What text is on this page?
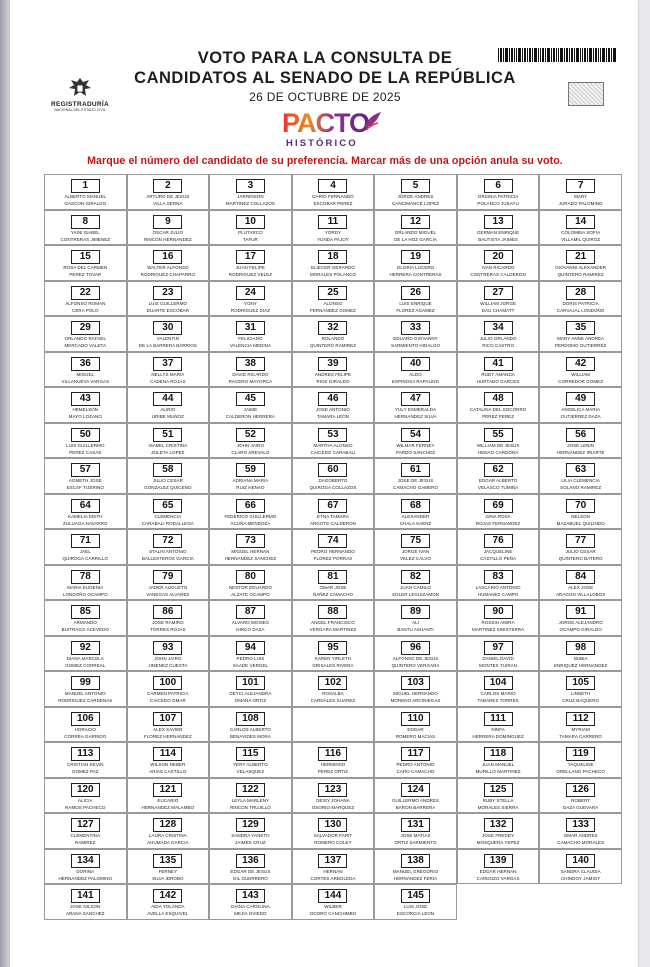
REGISTRADURÍA
NACIONAL DEL ESTADO CIVIL
VOTO PARA LA CONSULTA DE
CANDIDATOS AL SENADO DE LA REPÚBLICA
26 DE OCTUBRE DE 2025
PACTO
HISTÓRICO
Marque el número del candidato de su preferencia. Marcar más de una opción anula su voto.
1
ALBERTO MANUEL
GASCON GIRALDO
2
ARTURO DE JESUS
VILLA SERNA
3
JARRINSON
MARTINEZ COLLAZOS
4
DARIO FERNANDO
ESCOBAR PEREZ
5
JORGE ANDRES
CANCIMANCE LOPEZ
6
ORSINIA PATRICIA
POLANCO JUSAYU
7
MARY
JURADO PALOMINO
8
YAINI ISABEL
CONTRERAS JIMENEZ
9
OSCAR JULIO
RINCON HERNANDEZ
10
PLUTARCO
TAFUR
11
YORDY
YUNDA PAJOY
12
ORLANDO MIGUEL
DE LA HOZ GARCIA
13
GERMAN ENRIQUE
BAUTISTA JAIMES
14
COLOMBIA SOFIA
VILLAMIL QUIROZ
15
ROSA DEL CARMEN
PEREZ TOVAR
16
WALTER ALFONSO
RODRIGUEZ CHAPARRO
17
JUAN FELIPE
RODRIGUEZ VELEZ
18
ELIECER GERARDO
MORALES POLANCO
19
GLORIA LUCERO
HERRERA CONTRERAS
20
IVAN RICARDO
CONTRERAS CALDERON
21
GIOVANNI ALEXANDER
QUINTERO RAMIREZ
22
ALFONSO ROMAN
CERA POLO
23
LUIS GUILLERMO
DUARTE ESCOBAR
24
YONY
RODRIGUEZ DIAZ
25
ALONSO
FERNANDEZ GOMEZ
26
LUIS ENRIQUE
FLOREZ AGAMEZ
27
WILLIAM JORGE
DAU CHAMATT
28
DORIS PATRICIA
CARVAJAL LONDOÑO
29
ORLANDO RAFAEL
MERCADO VALETA
30
VALENTIN
DE LA BARRERA BARRIOS
31
FELICIANO
VALENCIA MEDINA
32
ROLANDO
QUINTERO RAMIREZ
33
EDUARD GIOVANNY
SARMIENTO HIDALGO
34
JULIO ORLANDO
RICO CASTRO
35
MARY ANNE ANDREA
PERDOMO GUTIERREZ
36
MIGUEL
VILLANUEVA VARGAS
37
NELLYS MARIA
CADENA ROJAS
38
DAVID RICARDO
RACERO MAYORCA
39
ANDRES FELIPE
RIOS GIRALDO
40
ALDO
ESPINOSA RAPALINO
41
RUDY AMANDA
HURTADO GARCES
42
WILLIAM
CORREDOR GOMEZ
43
HEMELSON
MAYO LOZANO
44
ALIRIO
URIBE MUÑOZ
45
JAIME
CALDERON HERRERA
46
JOSE ANTONIO
TAMARA LEON
47
YULY ESMERALDA
HERNANDEZ SILVA
48
CATALINA DEL SOCORRO
PEREZ PEREZ
49
ANGELICA MARIA
GUTIERREZ DAZA
50
LUIS GUILLERMO
PEREZ CASAS
51
ISABEL CRISTINA
ZULETA LOPEZ
52
JOHN JAIRO
CLARO AREVALO
53
MARTHA ALONSO
CAICEDO CARABALI
54
WILMAR FERNEY
PARDO SANCHEZ
55
WILLIAM DE JESUS
HENAO CARDONA
56
JOSE LENIN
HERNANDEZ IRIARTE
57
AGMETH JOSE
ESCAF TIJERINO
58
JULIO CESAR
GONZALEZ QUICENO
59
ADRIANA MARIA
RUIZ HENAO
60
DAGOBERTO
QUIROGA COLLAZOS
61
JOSE DE JESUS
CAMACHO GAMERO
62
EDGAR ALBERTO
VELASCO TUMIÑA
63
LILIA CLEMENCIA
SOLANO RAMIREZ
64
KAMELIA EDITH
ZULUAGA NAVARRO
65
CLEMENCIA
CARABALI RODALLEGA
66
FEDERICO GUILLERMO
ACUÑA MENDOZA
67
ETNA TAMARA
ARGOTE CALDERON
68
ALEXANDER
CHALA SAENZ
69
GINA ROSA
ROJAS FERNANDEZ
70
NELSON
MAZABUEL QUILINDO
71
JAEL
QUIROGA CARRILLO
72
STALIN ANTONIO
BALLESTEROS GARCIA
73
MIGUEL HERNAN
HERNANDEZ SANCHEZ
74
PEDRO HERNANDO
FLOREZ PORRAS
75
JORGE IVAN
VELEZ CALVO
76
JACQUELINE
CASTILLO PEÑA
77
JULIO CESAR
QUINTERO BATERO
78
MARIA EUGENIA
LONDOÑO OCAMPO
79
JADER AUGUSTO
VANEGAS ALVAREZ
80
NESTOR EDUARDO
ALZATE OCAMPO
81
OMAR JOSE
ÑAÑEZ CAMACHO
82
JUAN CAMILO
SOLER LEGUIZAMON
83
LASCARIO ANTONIO
HUMANEZ CAMPO
84
ALEX JOSE
ARAGON VILLALOBOS
85
ARMANDO
BUITRAGO ACEVEDO
86
JOSE RAMIRO
TORRES ROJAS
87
ALVARO MOISES
NINCO DAZA
88
ANGEL FRANCISCO
VERGARA MARTINEZ
89
ALI
BANTU ASHANTI
90
ROSSIH AMIRA
MARTINEZ SINISTERRA
91
JORGE ALEJANDRO
OCAMPO GIRALDO
92
DIANA MARCELA
GOMEZ CORREAL
93
JOHN JAIRO
JIMENEZ CUESTA
94
PEDRO LUIS
SAADE VERGEL
95
KAREN YIRLETH
GRISALES RIVERA
96
ALFONSO DE JESUS
QUINTERO VERGARA
97
DANIEL DAVID
MONTES TUIRAN
98
NUBIA
ENRIQUEZ HERNANDEZ
99
MANUEL ANTONIO
RODRIGUEZ CARDENAS
100
CARMEN PATRICIA
CAICEDO OMAR
101
DEYCI ALEJANDRA
OMAÑA ORTIZ
102
ROSALBA
CARDALES SUAREZ
103
MIGUEL HERNANDO
MORENO ARCINIEGAS
104
CARLOS MARIO
TABARES TORRES
105
LINNETH
CRUZ BAQUERO
106
HORACIO
CORREA GARRIDO
107
ALEX XAVIER
FLOREZ HERNANDEZ
108
CARLOS ALBERTO
BENAVIDES MORA
110
EDGAR
ROMERO MACIAS
111
NINFA
HERRERA DOMINGUEZ
112
MYRIAM
TAMARA CARRERO
113
CRISTIAN KEVIN
GOMEZ PAZ
114
WILSON NEBER
ARIAS CASTILLO
115
YERY ALBERTO
VELASQUEZ
116
HERMINSO
PEREZ ORTIZ
117
PEDRO ANTONIO
CARO CAMACHO
118
JUAN MANUEL
MURILLO MARTINEZ
119
YAQUELINE
ORELLANO PACHECO
120
ALICIA
RAMOS PACHECO
121
EUCARIO
HERNANDEZ MALAMBO
122
LEYLA MARLENY
RINCON TRUJILLO
123
DEISY JOHANA
OSORIO MARQUEZ
124
GUILLERMO ANDRES
BARON BARRERA
125
RUBY STELLA
MORALES SIERRA
126
ROBERT
DAZA GUEVARA
127
CLEMENTINA
RAMIREZ
128
LAURA CRISTINA
AHUMADA GARCIA
129
SANDRA YANETH
JAIMES CRUZ
130
SALVADOR FARIT
ROMERO COLEY
131
JOSE MATIAS
ORTIZ SARMIENTO
132
JOSE FREDDY
MOSQUERA YEPEZ
133
OMAR ANDRES
CAMACHO MORALES
134
DORINA
HERNANDEZ PALOMINO
135
FERNEY
SILVA IDROBO
136
EDGAR DE JESUS
GIL GUERRERO
137
HERNAN
CORTES ARBOLEDA
138
MANUEL GREGORIO
HERNANDEZ FERIA
139
EDGAR HERNAN
CARDOZO VARGAS
140
SANDRA CLAUDIA
CHINDOY JAMIOY
141
JOSE NILSON
ARANA SANCHEZ
142
AIDA YOLANDA
AVELLA ESQUIVEL
143
DIANA CAROLINA
MEJIA OVIEDO
144
WILBER
OCORO CANCHIMBO
145
LUIS JOSE
ESCORCIA LEON
